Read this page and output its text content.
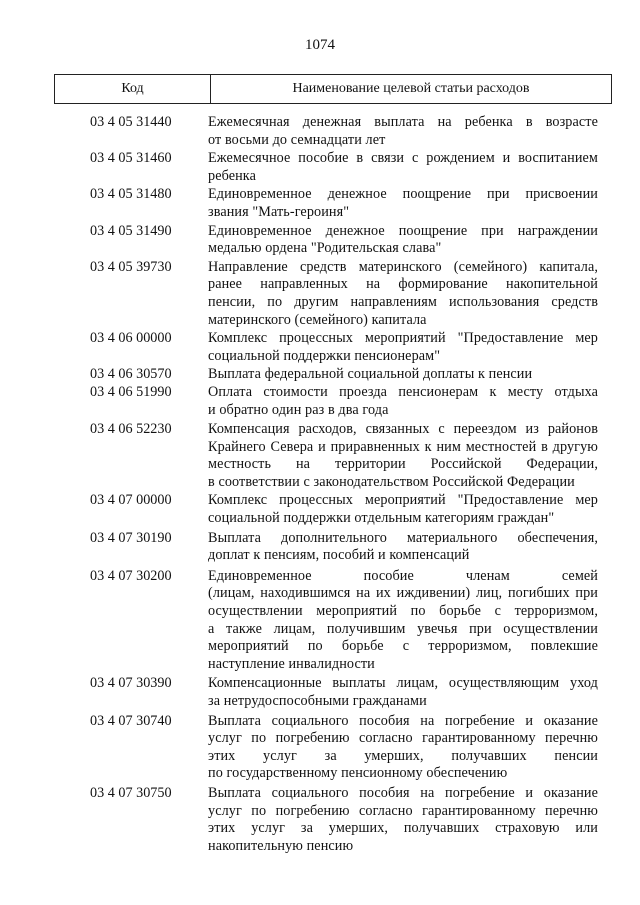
1074
Код	Наименование целевой статьи расходов
03 4 05 31440	Ежемесячная денежная выплата на ребенка в возрасте
от восьми до семнадцати лет
03 4 05 31460	Ежемесячное пособие в связи с рождением и воспитанием
ребенка
03 4 05 31480	Единовременное денежное поощрение при присвоении
звания "Мать-героиня"
03 4 05 31490	Единовременное денежное поощрение при награждении
медалью ордена "Родительская слава"
03 4 05 39730	Направление средств материнского (семейного) капитала,
ранее направленных на формирование накопительной
пенсии, по другим направлениям использования средств
материнского (семейного) капитала
03 4 06 00000	Комплекс процессных мероприятий "Предоставление мер
социальной поддержки пенсионерам"
03 4 06 30570	Выплата федеральной социальной доплаты к пенсии
03 4 06 51990	Оплата стоимости проезда пенсионерам к месту отдыха
и обратно один раз в два года
03 4 06 52230	Компенсация расходов, связанных с переездом из районов
Крайнего Севера и приравненных к ним местностей в другую
местность на территории Российской Федерации,
в соответствии с законодательством Российской Федерации
03 4 07 00000	Комплекс процессных мероприятий "Предоставление мер
социальной поддержки отдельным категориям граждан"
03 4 07 30190	Выплата дополнительного материального обеспечения,
доплат к пенсиям, пособий и компенсаций
03 4 07 30200	Единовременное пособие членам семей
(лицам, находившимся на их иждивении) лиц, погибших при
осуществлении мероприятий по борьбе с терроризмом,
а также лицам, получившим увечья при осуществлении
мероприятий по борьбе с терроризмом, повлекшие
наступление инвалидности
03 4 07 30390	Компенсационные выплаты лицам, осуществляющим уход
за нетрудоспособными гражданами
03 4 07 30740	Выплата социального пособия на погребение и оказание
услуг по погребению согласно гарантированному перечню
этих услуг за умерших, получавших пенсии
по государственному пенсионному обеспечению
03 4 07 30750	Выплата социального пособия на погребение и оказание
услуг по погребению согласно гарантированному перечню
этих услуг за умерших, получавших страховую или
накопительную пенсию
